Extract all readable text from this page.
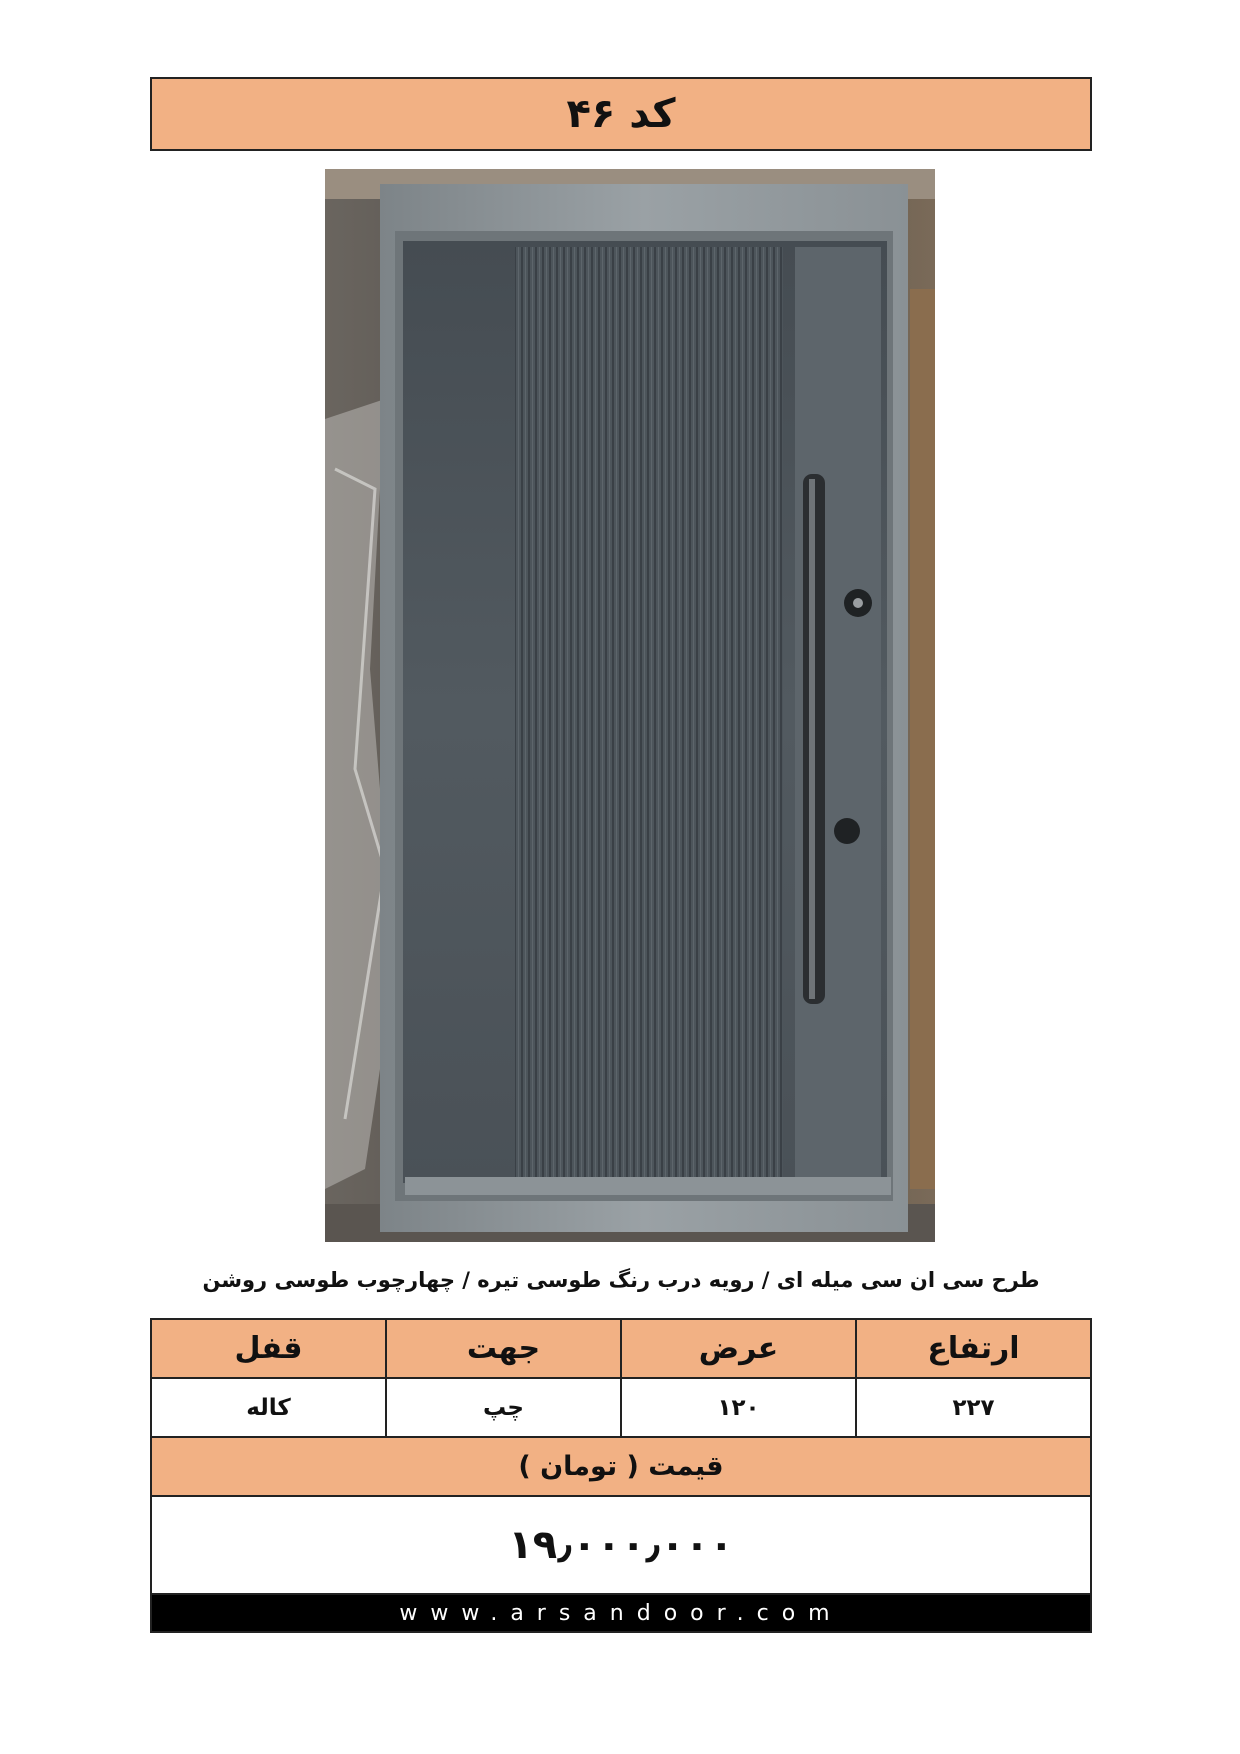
کد ۴۶
طرح سی ان سی میله ای / رویه درب رنگ طوسی تیره / چهارچوب طوسی روشن
ارتفاع	عرض	جهت	قفل
۲۲۷	۱۲۰	چپ	کاله
قیمت ( تومان )			
۱۹٫۰۰۰٫۰۰۰			
www.arsandoor.com			
